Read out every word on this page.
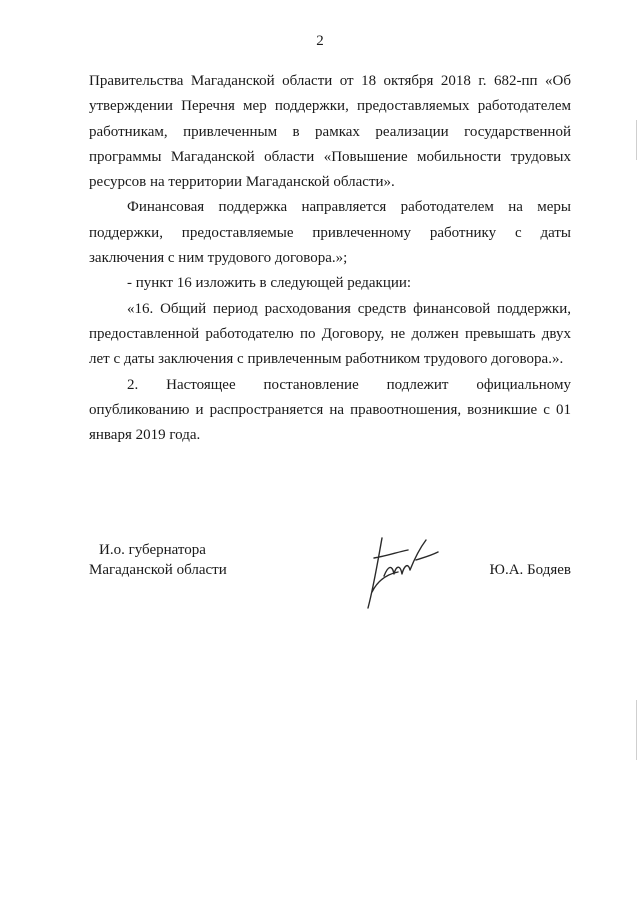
2

Правительства Магаданской области от 18 октября 2018 г. 682-пп «Об утверждении Перечня мер поддержки, предоставляемых работодателем работникам, привлеченным в рамках реализации государственной программы Магаданской области «Повышение мобильности трудовых ресурсов на территории Магаданской области».

Финансовая поддержка направляется работодателем на меры поддержки, предоставляемые привлеченному работнику с даты заключения с ним трудового договора.»;

- пункт 16 изложить в следующей редакции:

«16. Общий период расходования средств финансовой поддержки, предоставленной работодателю по Договору, не должен превышать двух лет с даты заключения с привлеченным работником трудового договора.».

2. Настоящее постановление подлежит официальному опубликованию и распространяется на правоотношения, возникшие с 01 января 2019 года.

И.о. губернатора
Магаданской области	Ю.А. Бодяев
